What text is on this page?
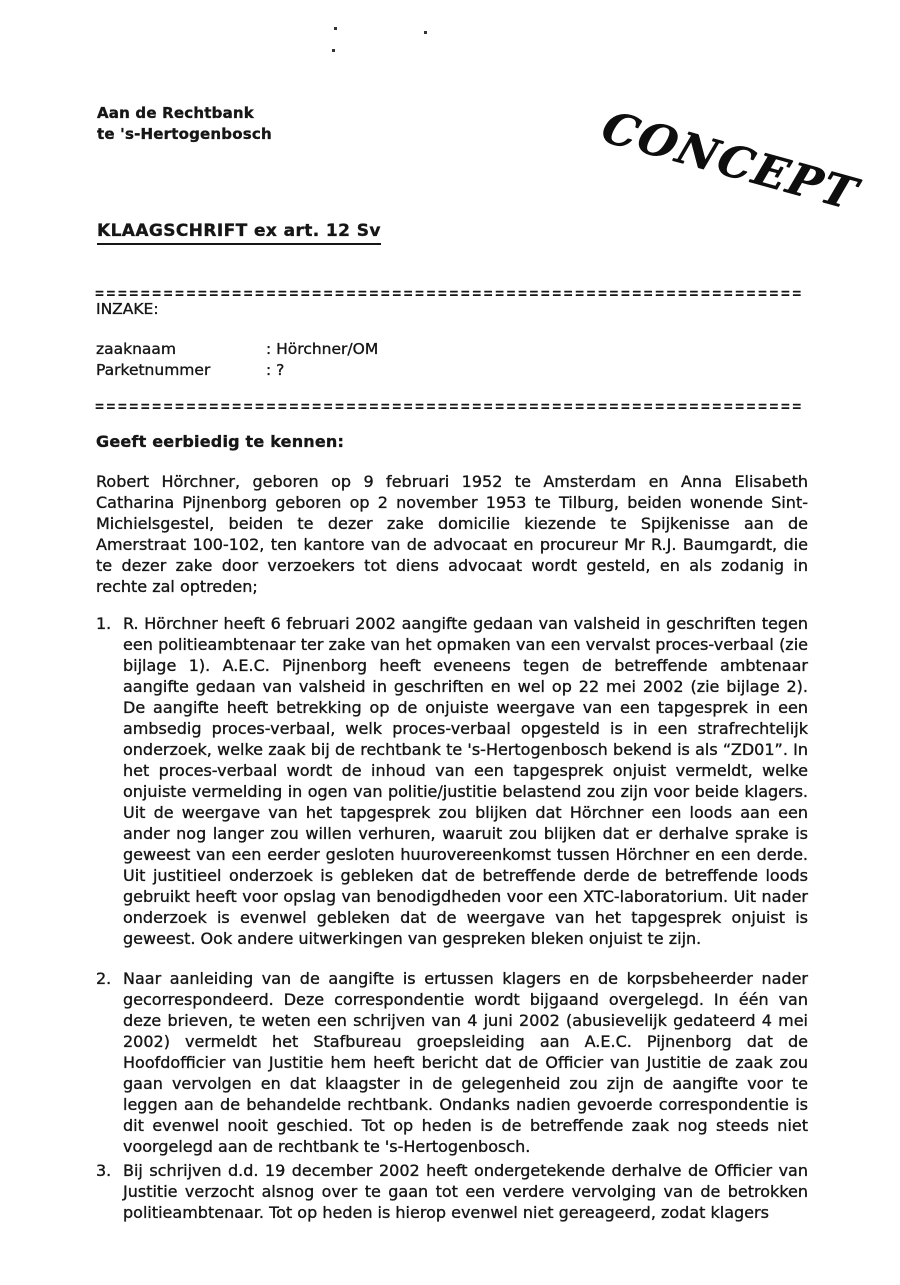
Aan de Rechtbank
te 's-Hertogenbosch	CONCEPT
KLAAGSCHRIFT ex art. 12 Sv
==============================================================
INZAKE:
zaaknaam	: Hörchner/OM
Parketnummer	: ?
==============================================================
Geeft eerbiedig te kennen:
Robert Hörchner, geboren op 9 februari 1952 te Amsterdam en Anna Elisabeth Catharina Pijnenborg geboren op 2 november 1953 te Tilburg, beiden wonende Sint-Michielsgestel, beiden te dezer zake domicilie kiezende te Spijkenisse aan de Amerstraat 100-102, ten kantore van de advocaat en procureur Mr R.J. Baumgardt, die te dezer zake door verzoekers tot diens advocaat wordt gesteld, en als zodanig in rechte zal optreden;
1. R. Hörchner heeft 6 februari 2002 aangifte gedaan van valsheid in geschriften tegen een politieambtenaar ter zake van het opmaken van een vervalst proces-verbaal (zie bijlage 1). A.E.C. Pijnenborg heeft eveneens tegen de betreffende ambtenaar aangifte gedaan van valsheid in geschriften en wel op 22 mei 2002 (zie bijlage 2). De aangifte heeft betrekking op de onjuiste weergave van een tapgesprek in een ambsedig proces-verbaal, welk proces-verbaal opgesteld is in een strafrechtelijk onderzoek, welke zaak bij de rechtbank te 's-Hertogenbosch bekend is als “ZD01”. In het proces-verbaal wordt de inhoud van een tapgesprek onjuist vermeldt, welke onjuiste vermelding in ogen van politie/justitie belastend zou zijn voor beide klagers. Uit de weergave van het tapgesprek zou blijken dat Hörchner een loods aan een ander nog langer zou willen verhuren, waaruit zou blijken dat er derhalve sprake is geweest van een eerder gesloten huurovereenkomst tussen Hörchner en een derde. Uit justitieel onderzoek is gebleken dat de betreffende derde de betreffende loods gebruikt heeft voor opslag van benodigdheden voor een XTC-laboratorium. Uit nader onderzoek is evenwel gebleken dat de weergave van het tapgesprek onjuist is geweest. Ook andere uitwerkingen van gespreken bleken onjuist te zijn.
2. Naar aanleiding van de aangifte is ertussen klagers en de korpsbeheerder nader gecorrespondeerd. Deze correspondentie wordt bijgaand overgelegd. In één van deze brieven, te weten een schrijven van 4 juni 2002 (abusievelijk gedateerd 4 mei 2002) vermeldt het Stafbureau groepsleiding aan A.E.C. Pijnenborg dat de Hoofdofficier van Justitie hem heeft bericht dat de Officier van Justitie de zaak zou gaan vervolgen en dat klaagster in de gelegenheid zou zijn de aangifte voor te leggen aan de behandelde rechtbank. Ondanks nadien gevoerde correspondentie is dit evenwel nooit geschied. Tot op heden is de betreffende zaak nog steeds niet voorgelegd aan de rechtbank te 's-Hertogenbosch.
3. Bij schrijven d.d. 19 december 2002 heeft ondergetekende derhalve de Officier van Justitie verzocht alsnog over te gaan tot een verdere vervolging van de betrokken politieambtenaar. Tot op heden is hierop evenwel niet gereageerd, zodat klagers
